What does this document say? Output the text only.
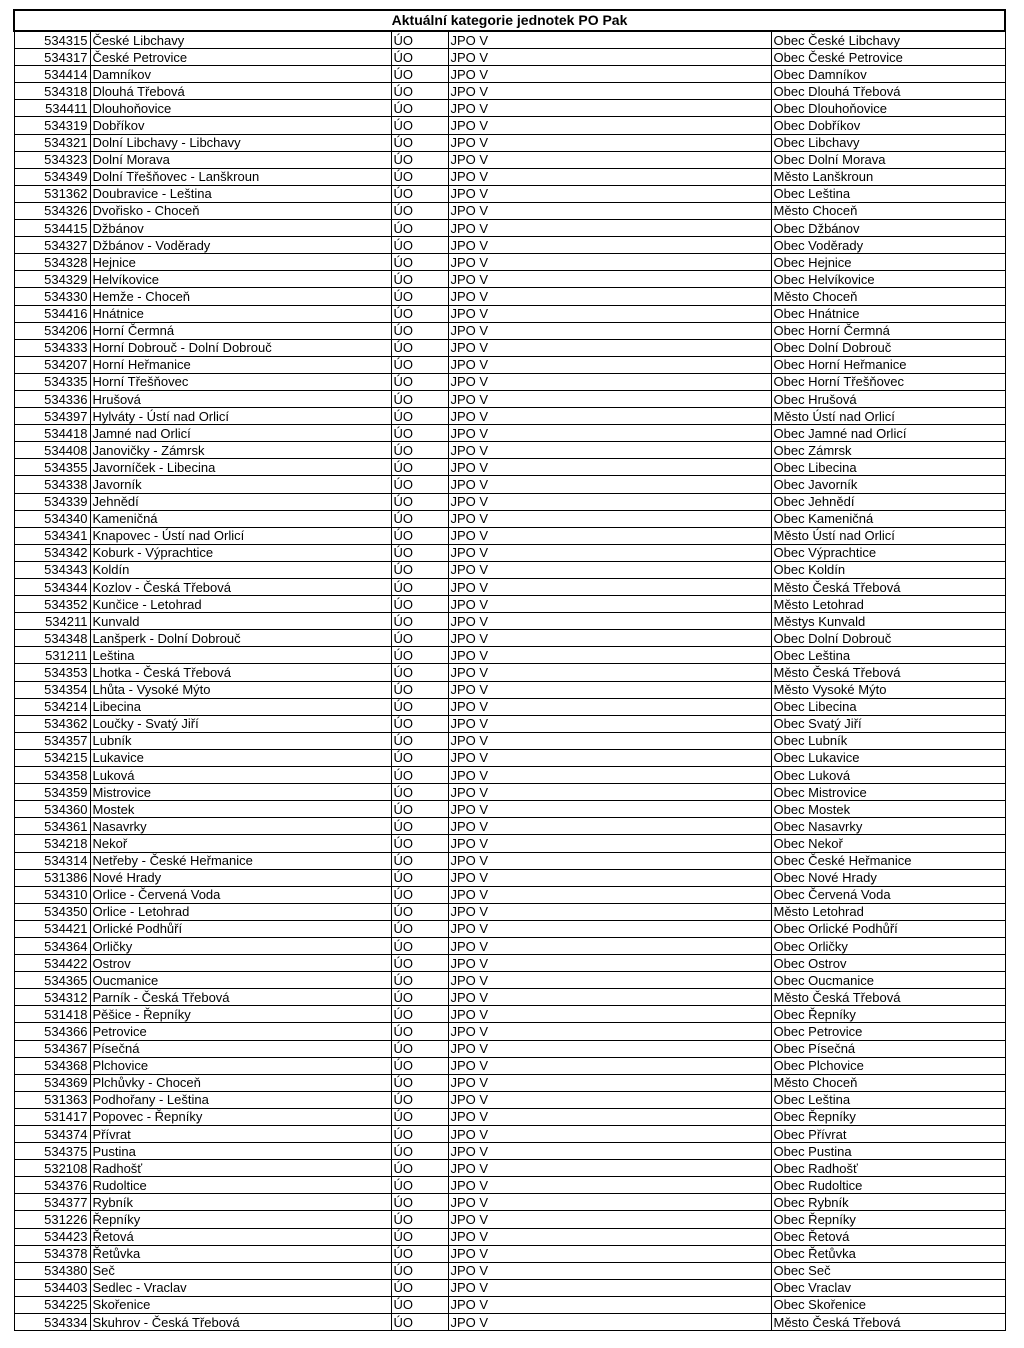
Aktuální kategorie jednotek PO Pak				
534315	České Libchavy	ÚO	JPO V	Obec České Libchavy
534317	České Petrovice	ÚO	JPO V	Obec České Petrovice
534414	Damníkov	ÚO	JPO V	Obec Damníkov
534318	Dlouhá Třebová	ÚO	JPO V	Obec Dlouhá Třebová
534411	Dlouhoňovice	ÚO	JPO V	Obec Dlouhoňovice
534319	Dobříkov	ÚO	JPO V	Obec Dobříkov
534321	Dolní Libchavy - Libchavy	ÚO	JPO V	Obec Libchavy
534323	Dolní Morava	ÚO	JPO V	Obec Dolní Morava
534349	Dolní Třešňovec - Lanškroun	ÚO	JPO V	Město Lanškroun
531362	Doubravice - Leština	ÚO	JPO V	Obec Leština
534326	Dvořisko - Choceň	ÚO	JPO V	Město Choceň
534415	Džbánov	ÚO	JPO V	Obec Džbánov
534327	Džbánov - Voděrady	ÚO	JPO V	Obec Voděrady
534328	Hejnice	ÚO	JPO V	Obec Hejnice
534329	Helvíkovice	ÚO	JPO V	Obec Helvíkovice
534330	Hemže - Choceň	ÚO	JPO V	Město Choceň
534416	Hnátnice	ÚO	JPO V	Obec Hnátnice
534206	Horní Čermná	ÚO	JPO V	Obec Horní Čermná
534333	Horní Dobrouč - Dolní Dobrouč	ÚO	JPO V	Obec Dolní Dobrouč
534207	Horní Heřmanice	ÚO	JPO V	Obec Horní Heřmanice
534335	Horní Třešňovec	ÚO	JPO V	Obec Horní Třešňovec
534336	Hrušová	ÚO	JPO V	Obec Hrušová
534397	Hylváty - Ústí nad Orlicí	ÚO	JPO V	Město Ústí nad Orlicí
534418	Jamné nad Orlicí	ÚO	JPO V	Obec Jamné nad Orlicí
534408	Janovičky - Zámrsk	ÚO	JPO V	Obec Zámrsk
534355	Javorníček - Libecina	ÚO	JPO V	Obec Libecina
534338	Javorník	ÚO	JPO V	Obec Javorník
534339	Jehnědí	ÚO	JPO V	Obec Jehnědí
534340	Kameničná	ÚO	JPO V	Obec Kameničná
534341	Knapovec - Ústí nad Orlicí	ÚO	JPO V	Město Ústí nad Orlicí
534342	Koburk - Výprachtice	ÚO	JPO V	Obec Výprachtice
534343	Koldín	ÚO	JPO V	Obec Koldín
534344	Kozlov - Česká Třebová	ÚO	JPO V	Město Česká Třebová
534352	Kunčice - Letohrad	ÚO	JPO V	Město Letohrad
534211	Kunvald	ÚO	JPO V	Městys Kunvald
534348	Lanšperk - Dolní Dobrouč	ÚO	JPO V	Obec Dolní Dobrouč
531211	Leština	ÚO	JPO V	Obec Leština
534353	Lhotka - Česká Třebová	ÚO	JPO V	Město Česká Třebová
534354	Lhůta - Vysoké Mýto	ÚO	JPO V	Město Vysoké Mýto
534214	Libecina	ÚO	JPO V	Obec Libecina
534362	Loučky - Svatý Jiří	ÚO	JPO V	Obec Svatý Jiří
534357	Lubník	ÚO	JPO V	Obec Lubník
534215	Lukavice	ÚO	JPO V	Obec Lukavice
534358	Luková	ÚO	JPO V	Obec Luková
534359	Mistrovice	ÚO	JPO V	Obec Mistrovice
534360	Mostek	ÚO	JPO V	Obec Mostek
534361	Nasavrky	ÚO	JPO V	Obec Nasavrky
534218	Nekoř	ÚO	JPO V	Obec Nekoř
534314	Netřeby - České Heřmanice	ÚO	JPO V	Obec České Heřmanice
531386	Nové Hrady	ÚO	JPO V	Obec Nové Hrady
534310	Orlice - Červená Voda	ÚO	JPO V	Obec Červená Voda
534350	Orlice - Letohrad	ÚO	JPO V	Město Letohrad
534421	Orlické Podhůří	ÚO	JPO V	Obec Orlické Podhůří
534364	Orličky	ÚO	JPO V	Obec Orličky
534422	Ostrov	ÚO	JPO V	Obec Ostrov
534365	Oucmanice	ÚO	JPO V	Obec Oucmanice
534312	Parník - Česká Třebová	ÚO	JPO V	Město Česká Třebová
531418	Pěšice - Řepníky	ÚO	JPO V	Obec Řepníky
534366	Petrovice	ÚO	JPO V	Obec Petrovice
534367	Písečná	ÚO	JPO V	Obec Písečná
534368	Plchovice	ÚO	JPO V	Obec Plchovice
534369	Plchůvky - Choceň	ÚO	JPO V	Město Choceň
531363	Podhořany - Leština	ÚO	JPO V	Obec Leština
531417	Popovec - Řepníky	ÚO	JPO V	Obec Řepníky
534374	Přívrat	ÚO	JPO V	Obec Přívrat
534375	Pustina	ÚO	JPO V	Obec Pustina
532108	Radhošť	ÚO	JPO V	Obec Radhošť
534376	Rudoltice	ÚO	JPO V	Obec Rudoltice
534377	Rybník	ÚO	JPO V	Obec Rybník
531226	Řepníky	ÚO	JPO V	Obec Řepníky
534423	Řetová	ÚO	JPO V	Obec Řetová
534378	Řetůvka	ÚO	JPO V	Obec Řetůvka
534380	Seč	ÚO	JPO V	Obec Seč
534403	Sedlec - Vraclav	ÚO	JPO V	Obec Vraclav
534225	Skořenice	ÚO	JPO V	Obec Skořenice
534334	Skuhrov - Česká Třebová	ÚO	JPO V	Město Česká Třebová
